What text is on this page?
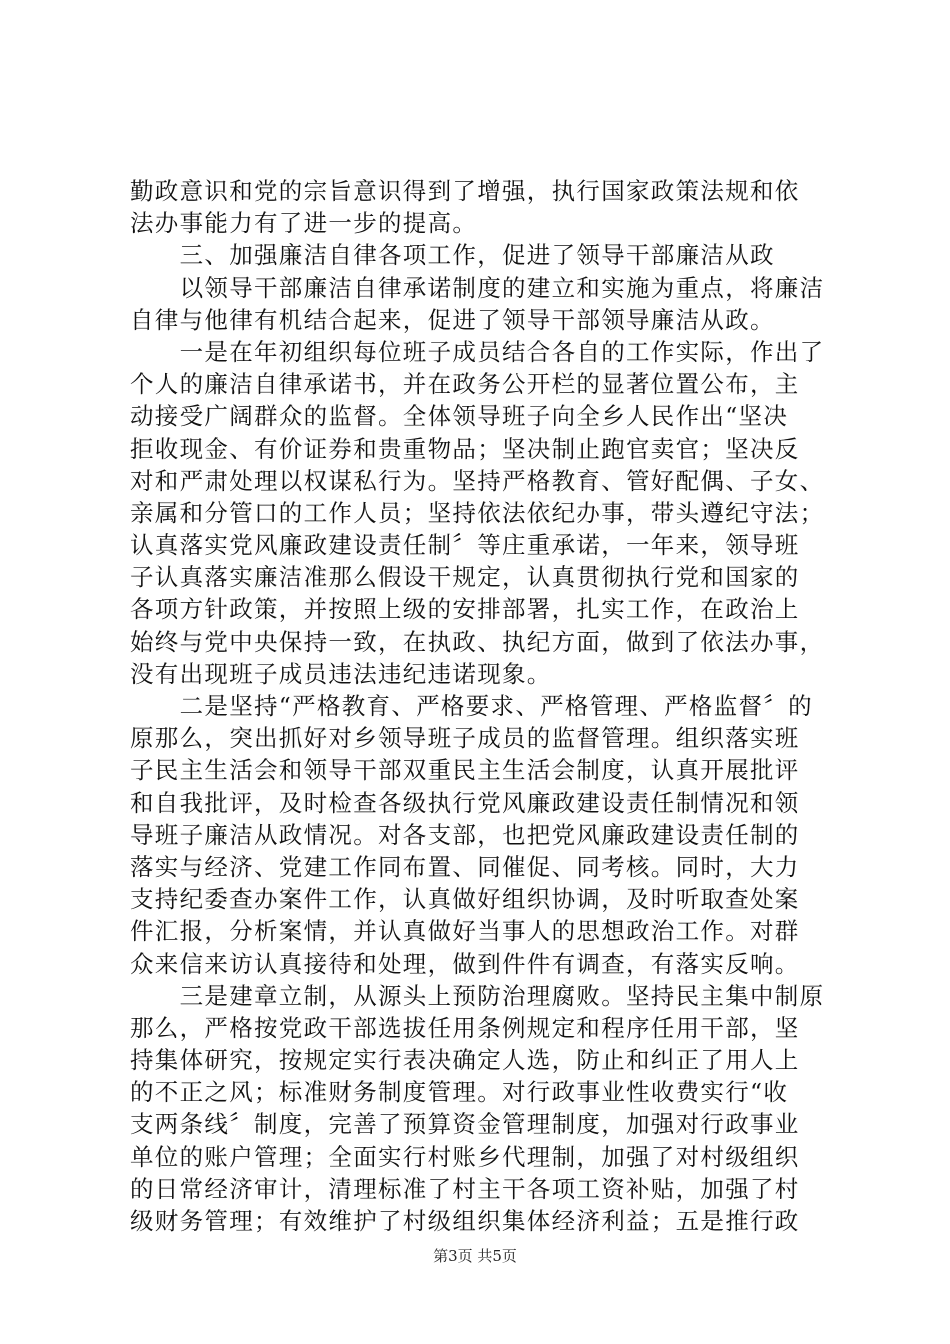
勤政意识和党的宗旨意识得到了增强，执行国家政策法规和依
法办事能力有了进一步的提高。
　　三、加强廉洁自律各项工作，促进了领导干部廉洁从政
　　以领导干部廉洁自律承诺制度的建立和实施为重点，将廉洁
自律与他律有机结合起来，促进了领导干部领导廉洁从政。
　　一是在年初组织每位班子成员结合各自的工作实际，作出了
个人的廉洁自律承诺书，并在政务公开栏的显著位置公布，主
动接受广阔群众的监督。全体领导班子向全乡人民作出“坚决
拒收现金、有价证券和贵重物品；坚决制止跑官卖官；坚决反
对和严肃处理以权谋私行为。坚持严格教育、管好配偶、子女、
亲属和分管口的工作人员；坚持依法依纪办事，带头遵纪守法；
认真落实党风廉政建设责任制〞等庄重承诺，一年来，领导班
子认真落实廉洁准那么假设干规定，认真贯彻执行党和国家的
各项方针政策，并按照上级的安排部署，扎实工作，在政治上
始终与党中央保持一致，在执政、执纪方面，做到了依法办事，
没有出现班子成员违法违纪违诺现象。
　　二是坚持“严格教育、严格要求、严格管理、严格监督〞的
原那么，突出抓好对乡领导班子成员的监督管理。组织落实班
子民主生活会和领导干部双重民主生活会制度，认真开展批评
和自我批评，及时检查各级执行党风廉政建设责任制情况和领
导班子廉洁从政情况。对各支部，也把党风廉政建设责任制的
落实与经济、党建工作同布置、同催促、同考核。同时，大力
支持纪委查办案件工作，认真做好组织协调，及时听取查处案
件汇报，分析案情，并认真做好当事人的思想政治工作。对群
众来信来访认真接待和处理，做到件件有调查，有落实反响。
　　三是建章立制，从源头上预防治理腐败。坚持民主集中制原
那么，严格按党政干部选拔任用条例规定和程序任用干部，坚
持集体研究，按规定实行表决确定人选，防止和纠正了用人上
的不正之风；标准财务制度管理。对行政事业性收费实行“收
支两条线〞制度，完善了预算资金管理制度，加强对行政事业
单位的账户管理；全面实行村账乡代理制，加强了对村级组织
的日常经济审计，清理标准了村主干各项工资补贴，加强了村
级财务管理；有效维护了村级组织集体经济利益；五是推行政
第3页 共5页
